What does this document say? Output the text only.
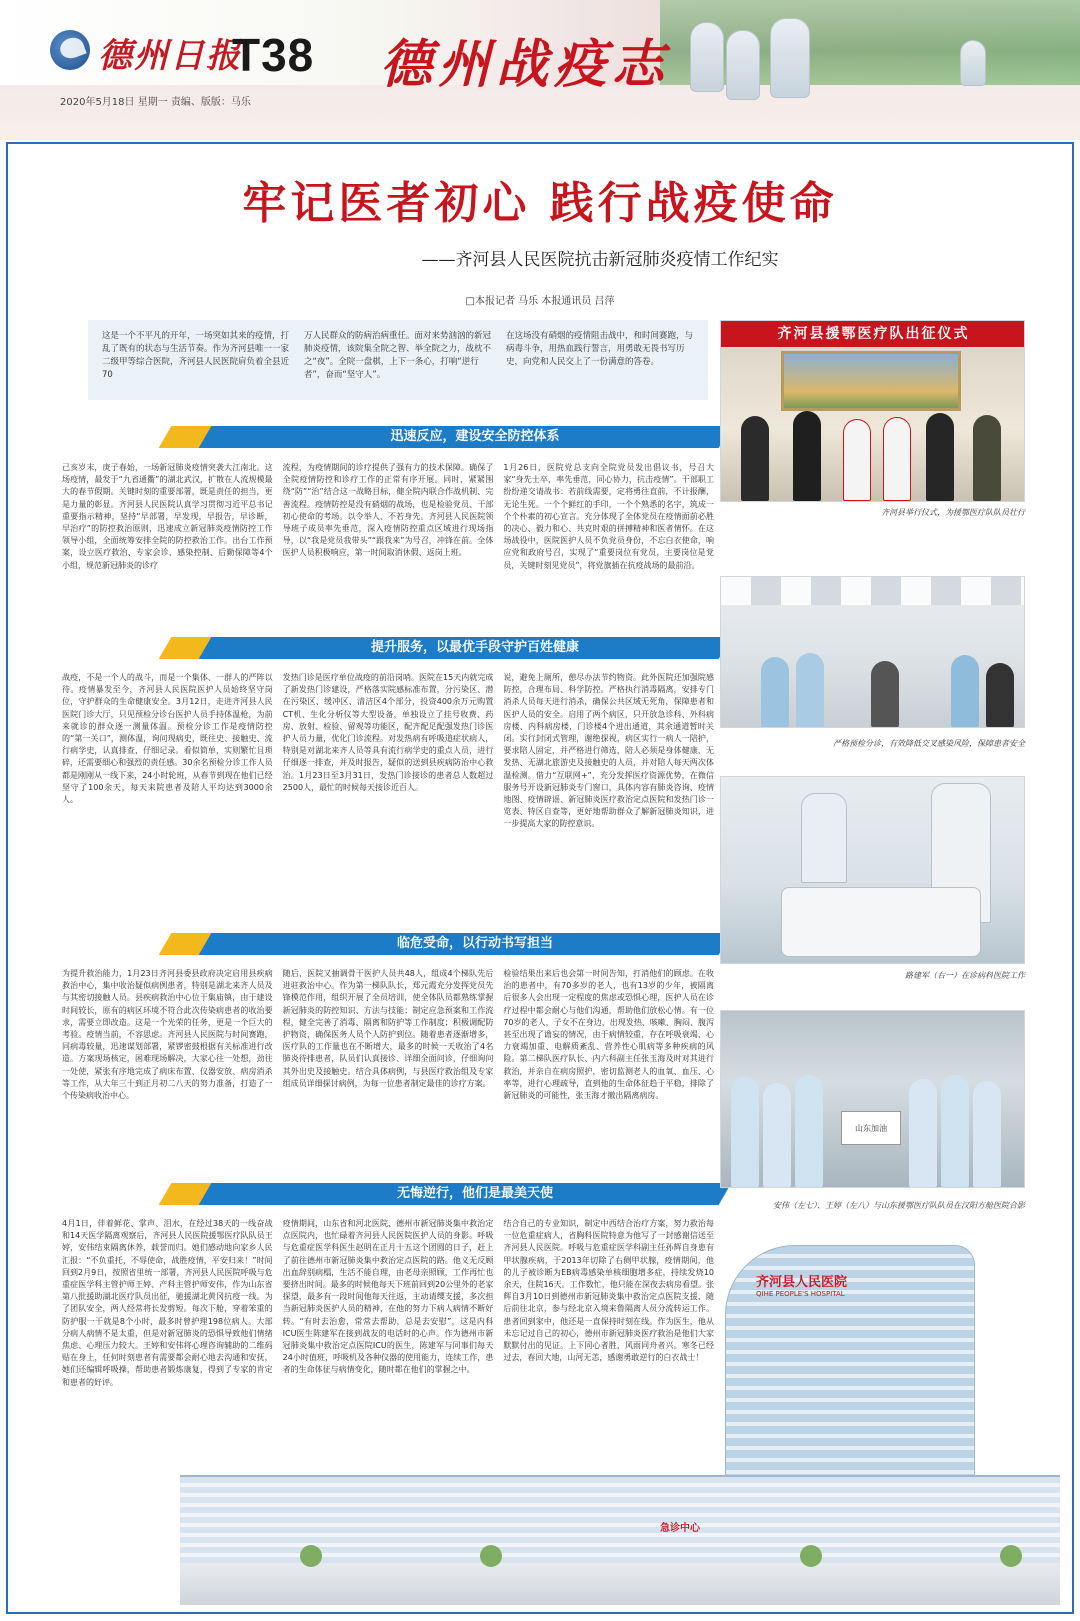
德州日报
T38 德州战疫志
2020年5月18日 星期一 责编、版版：马乐
牢记医者初心 践行战疫使命
——齐河县人民医院抗击新冠肺炎疫情工作纪实
□本报记者 马乐 本报通讯员 吕萍

这是一个不平凡的开年，一场突如其来的疫情，打乱了既有的状态与生活节奏。作为齐河县唯一一家二级甲等综合医院，齐河县人民医院肩负着全县近70

万人民群众的防病治病重任。面对来势汹汹的新冠肺炎疫情，该院集全院之智、举全院之力，战枕不之“夜”。全院一盘棋，上下一条心，打响“逆行者”，奋而“坚守人”。

在这场没有硝烟的疫情阻击战中，和时间赛跑，与病毒斗争，用热血践行誓言，用勇敢无畏书写历史，向党和人民交上了一份满意的答卷。

迅速反应，建设安全防控体系

己亥岁末，庚子春始，一场新冠肺炎疫情突袭大江南北。这场疫情，最发于“九省通衢”的湖北武汉，扩散在人流规模最大的春节假期。关键时刻的重要部署，既是责任的担当，更是力量的彰显。齐河县人民医院认真学习贯彻习近平总书记重要指示精神，坚持“早部署，早发现，早报告，早诊断，早治疗”的防控救治原则，迅速成立新冠肺炎疫情防控工作领导小组，全面统筹安排全院的防控救治工作。出台工作预案，设立医疗救治、专家会诊、感染控制、后勤保障等4个小组，规范新冠肺炎的诊疗

流程，为疫情期间的诊疗提供了强有力的技术保障。确保了全院疫情防控和诊疗工作的正常有序开展。同时，紧紧围绕“防”“治”结合这一战略目标，健全院内联合作战机制、完善流程。疫情防控是没有硝烟的战场，也是检验党员、干部初心使命的考场。以令举人、不若身先。齐河县人民医院领导班子成员率先垂范，深入疫情防控重点区域进行现场指导，以“我是党员我带头”“跟我来”为号召，冲锋在前。全体医护人员积极响应，第一时间取消休假、返岗上班。

1月26日，医院党总支向全院党员发出倡议书，号召大家“身先士卒，率先垂范，同心协力，抗击疫情”。干部职工纷纷递交请战书：若前线需要，定将勇往直前，不计报酬，无论生死。一个个鲜红的手印，一个个熟悉的名字，筑成一个个朴素的初心宣言。充分体现了全体党员在疫情面前必胜的决心、毅力和心、共克时艰的拼搏精神和医者情怀。在这场战役中，医院医护人员不负党员身份，不忘白衣使命，响应党和政府号召，实现了“重要岗位有党员，主要岗位是党员，关键时刻见党员”，将党旗插在抗疫战场的最前沿。

提升服务，以最优手段守护百姓健康

战疫，不是一个人的战斗，而是一个集体、一群人的严阵以待。疫情暴发至今，齐河县人民医院医护人员始终坚守岗位，守护群众的生命健康安全。3月12日，走进齐河县人民医院门诊大厅，只见预检分诊台医护人员手持体温枪，为前来就诊的群众逐一测量体温。预检分诊工作是疫情防控的“第一关口”，测体温，询问现病史，既往史、接触史、流行病学史，认真排查，仔细记录。看似简单，实则繁忙且琐碎，还需要细心和强烈的责任感。30余名预检分诊工作人员都是刚刚从一线下来，24小时轮班，从春节到现在他们已经坚守了100余天，每天来院患者及陪人平均达到3000余人。

发热门诊是医疗单位战疫的前沿岗哨。医院在15天内就完成了新发热门诊建设，严格落实院感标准布置，分污染区、潜在污染区、缓冲区、清洁区4个部分，投资400余万元购置CT机、生化分析仪等大型设备，单独设立了挂号收费、药房、放射、检验、留观等功能区，配齐配足配强发热门诊医护人员力量，优化门诊流程。对发热病有呼吸道症状病人，特别是对湖北来齐人员等具有流行病学史的重点人员，进行仔细逐一排查，并及时报告，疑似的送到县疾病防治中心救治。1月23日至3月31日，发热门诊接诊的患者总人数超过2500人，最忙的时候每天接诊近百人。

说，避免上厕所，憩尽办法节约物资。此外医院还加强院感防控，合理布局、科学防控。严格执行消毒隔离，安排专门消杀人员每天进行消杀，确保公共区域无死角，保障患者和医护人员的安全。启用了两个病区，只开放急诊科、外科病房楼、内科病房楼，门诊楼4个进出通道，其余通道暂时关闭。实行封闭式管理，谢绝探视，病区实行一病人一陪护，要求陪人固定，并严格进行筛选，陪人必须是身体健康、无发热、无湖北旅游史及接触史的人员，并对陪人每天两次体温检测。借力“互联网+”，充分发挥医疗资源优势，在微信服务号开设新冠肺炎专门窗口，具体内容有肺炎咨询、疫情地图、疫情辟谣、新冠肺炎医疗救治定点医院和发热门诊一览表、特区自查等，更好地帮助群众了解新冠肺炎知识，进一步提高大家的防控意识。

临危受命，以行动书写担当

为提升救治能力，1月23日齐河县委县政府决定启用县疾病救治中心，集中收治疑似病例患者，特别是湖北来齐人员及与其密切接触人员。县疾病救治中心位于集庙镇，由于建设时间较长，原有的病区环境不符合此次传染病患者的收治要求，需要立即改造。这是一个光荣的任务，更是一个巨大的考验。疫情当前，不容思虑。齐河县人民医院与时间赛跑，同病毒较量，迅速谋划部署，紧锣密鼓根据有关标准进行改造。方案现场核定，困难现场解决，大家心往一处想，劲往一处使，紧张有序地完成了病床布置、仪器安放、病房消杀等工作，从大年三十到正月初二八天的努力准备，打造了一个传染病收治中心。

随后，医院又抽调骨干医护人员共48人，组成4个梯队先后进驻救治中心。作为第一梯队队长，郑元霞充分发挥党员先锋模范作用，组织开展了全员培训，使全体队员都熟练掌握新冠肺炎的防控知识、方法与技能；制定应急预案和工作流程，健全完善了消毒、隔离和防护等工作制度；积极调配防护物资，确保医务人员个人防护到位。随着患者逐渐增多，医疗队的工作量也在不断增大，最多的时候一天收治了4名肺炎待排患者，队员们认真接诊、详细全面问诊，仔细询问其外出史及接触史。结合具体病例，与县医疗救治组及专家组成员详细探讨病例，为每一位患者制定最佳的诊疗方案。

检验结果出来后也会第一时间告知，打消他们的顾虑。在收治的患者中，有70多岁的老人，也有13岁的少年，被隔离后很多人会出现一定程度的焦虑或恐惧心理，医护人员在诊疗过程中都会耐心与他们沟通，帮助他们放松心情。有一位70岁的老人，子女不在身边，出现发热、咳嗽、胸闷、腹泻甚至出现了谵妄的情况，由于病情较重，存在呼吸衰竭、心力衰竭加重、电解质紊乱、营养性心肌病等多种疾病的风险。第二梯队医疗队长、内六科副主任张玉海及时对其进行救治，并亲自在病房照护，密切监测老人的血氧、血压、心率等，进行心理疏导，直到他的生命体征趋于平稳，排除了新冠肺炎的可能性，张玉海才撤出隔离病房。

无悔逆行，他们是最美天使

4月1日，伴着鲜花、掌声、泪水，在经过38天的一线奋战和14天医学隔离观察后，齐河县人民医院援鄂医疗队队员王婷，安伟结束隔离休养，载誉而归。她们感动地向家乡人民汇报：“不负重托，不辱使命，战胜疫情，平安归来！”时间回到2月9日，按照省里统一部署，齐河县人民医院呼吸与危重症医学科主管护师王婷、产科主管护师安伟，作为山东省第八批援助湖北医疗队员出征，驰援湖北黄冈抗疫一线。为了团队安全，两人经常将长发剪短。每次下舱，穿着笨重的防护服一干就是8个小时，最多时曾护理198位病人。大部分病人病情不是太重，但是对新冠肺炎的恐惧导致他们情绪焦虑、心理压力较大。王婷和安伟将心理咨询辅助的二维码贴在身上，任何时刻患者有需要都会耐心地去沟通和安抚，她们还编辑呼吸操，帮助患者锻炼康复，得到了专家的肯定和患者的好评。

疫情期间，山东省和河北医院、德州市新冠肺炎集中救治定点医院内，也忙碌着齐河县人民医院医护人员的身影。呼吸与危重症医学科医生赵明在正月十五这个团圆的日子，赶上了前往德州市新冠肺炎集中救治定点医院的路。他义无反顾出血辞别病榻，生活不能自理，由老母亲照顾，工作再忙也要挤出时间。最多的时候他每天下班前回到20公里外的老家探望，最多有一段时间他每天往返，主动请缨支援，多次担当新冠肺炎医护人员的精神，在他的努力下病人病情不断好转。“有时去治愈，常常去帮助，总是去安慰”，这是内科ICU医生陈建军在接到战友的电话时的心声。作为德州市新冠肺炎集中救治定点医院ICU的医生，陈建军与同事们每天24小时值班，呼吸机及各种仪器的使用能力，连续工作，患者的生命体征与病情变化，随时都在他们的掌握之中。

结合自己的专业知识，制定中西结合治疗方案，努力救治每一位危重症病人，省胸科医院特意为他写了一封感谢信送至齐河县人民医院。呼吸与危重症医学科副主任孙辉自身患有甲状腺疾病，于2013年切除了右侧甲状腺，疫情期间，他的儿子被诊断为EB病毒感染单核细胞增多症，持续发烧10余天，住院16天。工作数忙，他只能在深夜去病房看望。张辉自3月10日到德州市新冠肺炎集中救治定点医院支援，随后前往北京，参与经北京入境来鲁隔离人员分流转运工作。患者回到家中，他还是一直保持时刻在线。作为医生，他从未忘记过自己的初心，德州市新冠肺炎医疗救治是他们大家默默付出的见证。上下同心者胜，风雨同舟者兴。寒冬已经过去，春回大地，山河无恙，感谢勇敢逆行的白衣战士！

齐河县援鄂医疗队出征仪式
齐河县举行仪式，为援鄂医疗队队员壮行
严格预检分诊，有效降低交叉感染风险，保障患者安全
路建军（右一）在诊病科医院工作
山东加油
安伟（左七）、王婷（左八）与山东援鄂医疗队队员在汉阳方舱医院合影
齐河县人民医院
QIHE PEOPLE'S HOSPITAL
急诊中心
